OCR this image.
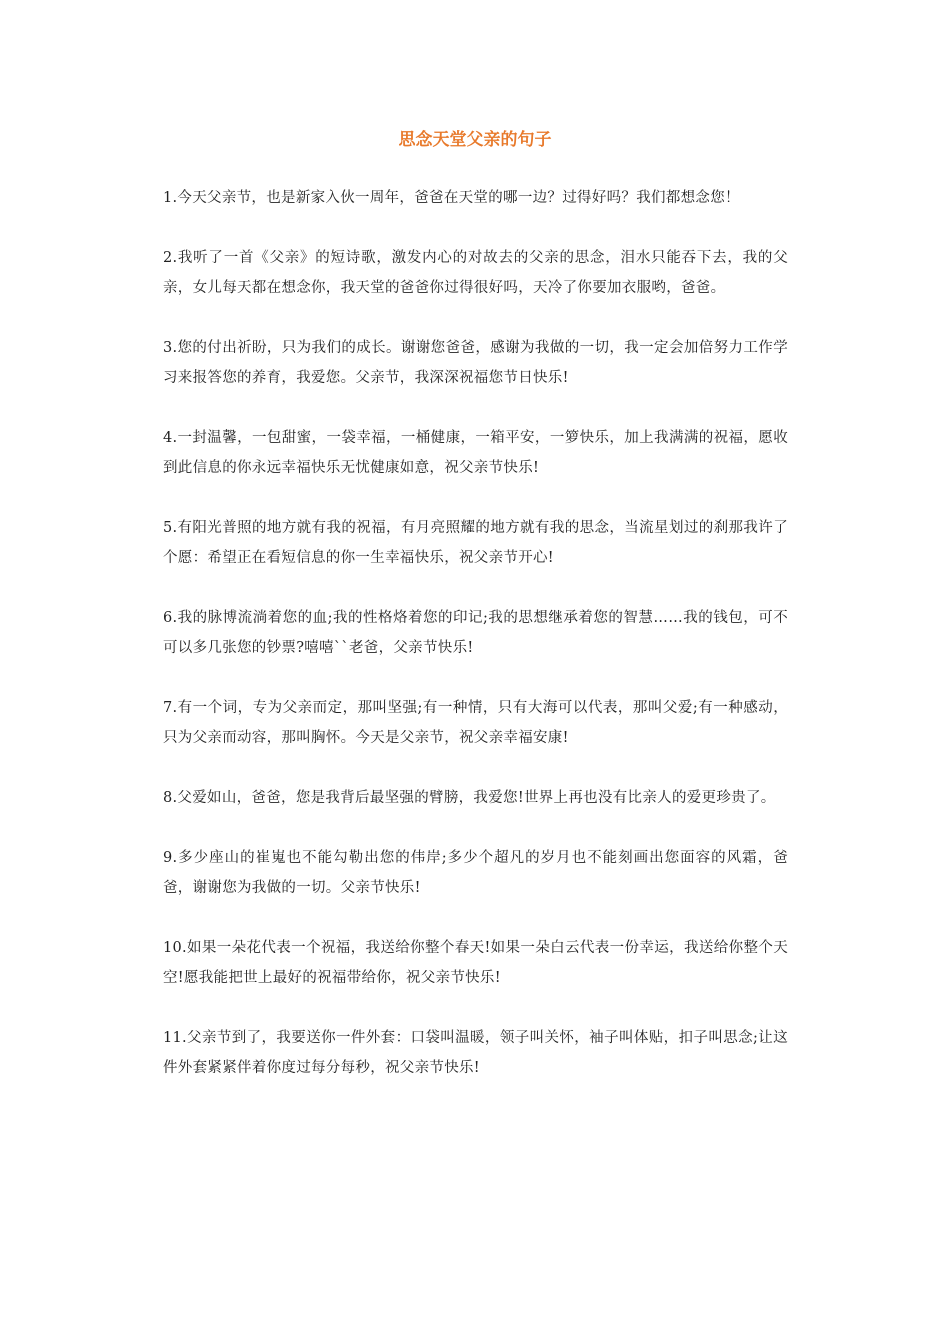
思念天堂父亲的句子

1.今天父亲节，也是新家入伙一周年，爸爸在天堂的哪一边？过得好吗？我们都想念您！

2.我听了一首《父亲》的短诗歌，激发内心的对故去的父亲的思念，泪水只能吞下去，我的父亲，女儿每天都在想念你，我天堂的爸爸你过得很好吗，天冷了你要加衣服哟，爸爸。

3.您的付出祈盼，只为我们的成长。谢谢您爸爸，感谢为我做的一切，我一定会加倍努力工作学习来报答您的养育，我爱您。父亲节，我深深祝福您节日快乐!

4.一封温馨，一包甜蜜，一袋幸福，一桶健康，一箱平安，一箩快乐，加上我满满的祝福，愿收到此信息的你永远幸福快乐无忧健康如意，祝父亲节快乐!

5.有阳光普照的地方就有我的祝福，有月亮照耀的地方就有我的思念，当流星划过的刹那我许了个愿：希望正在看短信息的你一生幸福快乐，祝父亲节开心!

6.我的脉博流淌着您的血;我的性格烙着您的印记;我的思想继承着您的智慧……我的钱包，可不可以多几张您的钞票?嘻嘻``老爸，父亲节快乐!

7.有一个词，专为父亲而定，那叫坚强;有一种情，只有大海可以代表，那叫父爱;有一种感动，只为父亲而动容，那叫胸怀。今天是父亲节，祝父亲幸福安康!

8.父爱如山，爸爸，您是我背后最坚强的臂膀，我爱您!世界上再也没有比亲人的爱更珍贵了。

9.多少座山的崔嵬也不能勾勒出您的伟岸;多少个超凡的岁月也不能刻画出您面容的风霜，爸爸，谢谢您为我做的一切。父亲节快乐!

10.如果一朵花代表一个祝福，我送给你整个春天!如果一朵白云代表一份幸运，我送给你整个天空!愿我能把世上最好的祝福带给你，祝父亲节快乐!

11.父亲节到了，我要送你一件外套：口袋叫温暖，领子叫关怀，袖子叫体贴，扣子叫思念;让这件外套紧紧伴着你度过每分每秒，祝父亲节快乐!
